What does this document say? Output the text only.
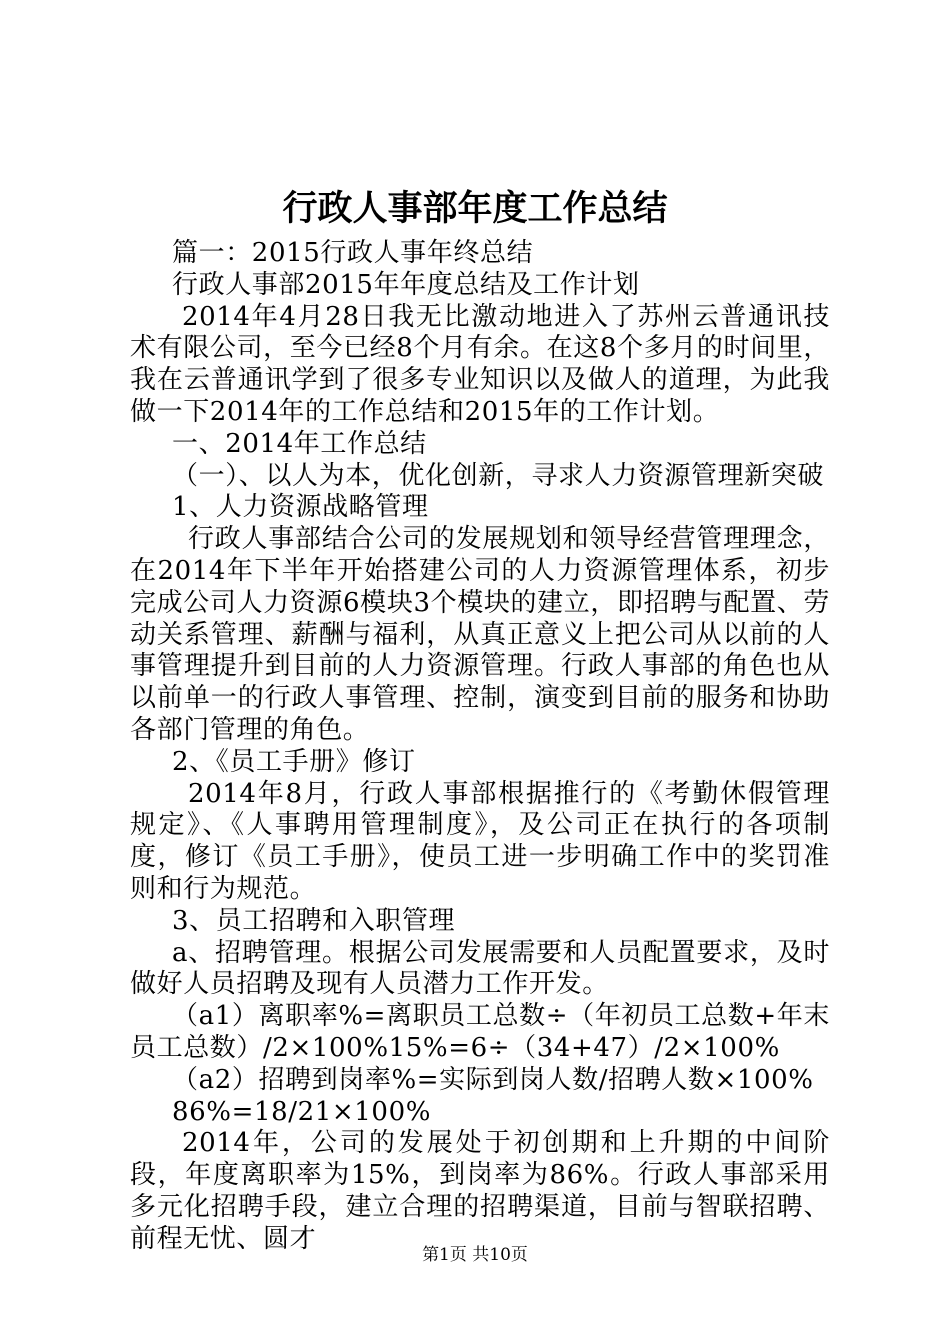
行政人事部年度工作总结

篇一：2015行政人事年终总结

行政人事部2015年年度总结及工作计划

2014年4月28日我无比激动地进入了苏州云普通讯技术有限公司，至今已经8个月有余。在这8个多月的时间里，我在云普通讯学到了很多专业知识以及做人的道理，为此我做一下2014年的工作总结和2015年的工作计划。

一、2014年工作总结

（一）、以人为本，优化创新，寻求人力资源管理新突破

1、人力资源战略管理

行政人事部结合公司的发展规划和领导经营管理理念，在2014年下半年开始搭建公司的人力资源管理体系，初步完成公司人力资源6模块3个模块的建立，即招聘与配置、劳动关系管理、薪酬与福利，从真正意义上把公司从以前的人事管理提升到目前的人力资源管理。行政人事部的角色也从以前单一的行政人事管理、控制，演变到目前的服务和协助各部门管理的角色。

2、《员工手册》修订

2014年8月，行政人事部根据推行的《考勤休假管理规定》、《人事聘用管理制度》，及公司正在执行的各项制度，修订《员工手册》，使员工进一步明确工作中的奖罚准则和行为规范。

3、员工招聘和入职管理

a、招聘管理。根据公司发展需要和人员配置要求，及时做好人员招聘及现有人员潜力工作开发。

（a1）离职率%=离职员工总数÷（年初员工总数+年末员工总数）/2×100%15%=6÷（34+47）/2×100%

（a2）招聘到岗率%=实际到岗人数/招聘人数×100%

86%=18/21×100%

2014年，公司的发展处于初创期和上升期的中间阶段，年度离职率为15%，到岗率为86%。行政人事部采用多元化招聘手段，建立合理的招聘渠道，目前与智联招聘、前程无忧、圆才

第1页 共10页
